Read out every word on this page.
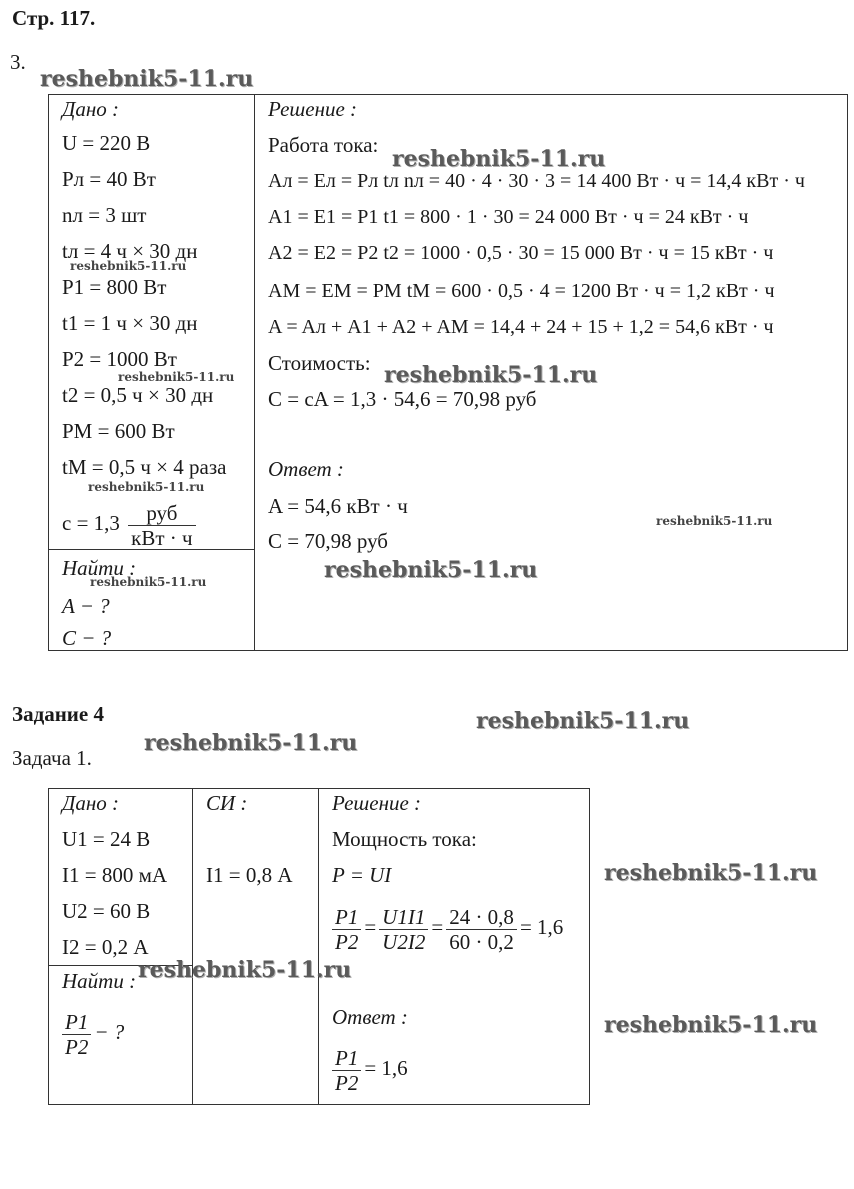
Стр. 117.
3.
Дано :
U = 220 В
Pл = 40 Вт
nл = 3 шт
tл = 4 ч × 30 дн
P1 = 800 Вт
t1 = 1 ч × 30 дн
P2 = 1000 Вт
t2 = 0,5 ч × 30 дн
PМ = 600 Вт
tМ = 0,5 ч × 4 раза
$c = 1,3 \frac{\text{руб}}{\text{кВт · ч}}$
Найти :
A − ?
C − ?
Решение :
Работа тока:
Aл = Eл = Pл tл nл = 40 · 4 · 30 · 3 = 14 400 Вт · ч = 14,4 кВт · ч
A1 = E1 = P1 t1 = 800 · 1 · 30 = 24 000 Вт · ч = 24 кВт · ч
A2 = E2 = P2 t2 = 1000 · 0,5 · 30 = 15 000 Вт · ч = 15 кВт · ч
AМ = EМ = PМ tМ = 600 · 0,5 · 4 = 1200 Вт · ч = 1,2 кВт · ч
A = Aл + A1 + A2 + AМ = 14,4 + 24 + 15 + 1,2 = 54,6 кВт · ч
Стоимость:
C = cA = 1,3 · 54,6 = 70,98 руб
Ответ :
A = 54,6 кВт · ч
C = 70,98 руб
Задание 4
Задача 1.
Дано :
U1 = 24 В
I1 = 800 мА
U2 = 60 В
I2 = 0,2 А
Найти :
$\frac{P1}{P2}$ − ?
СИ :
I1 = 0,8 А
Решение :
Мощность тока:
P = UI
$\frac{P1}{P2} = \frac{U1I1}{U2I2} = \frac{24 \cdot 0,8}{60 \cdot 0,2} = 1,6$
Ответ :
$\frac{P1}{P2} = 1,6$
reshebnik5-11.ru
reshebnik5-11.ru
reshebnik5-11.ru
reshebnik5-11.ru	reshebnik5-11.ru
reshebnik5-11.ru
reshebnik5-11.ru
reshebnik5-11.ru
reshebnik5-11.ru
reshebnik5-11.ru
reshebnik5-11.ru
reshebnik5-11.ru
reshebnik5-11.ru
reshebnik5-11.ru
